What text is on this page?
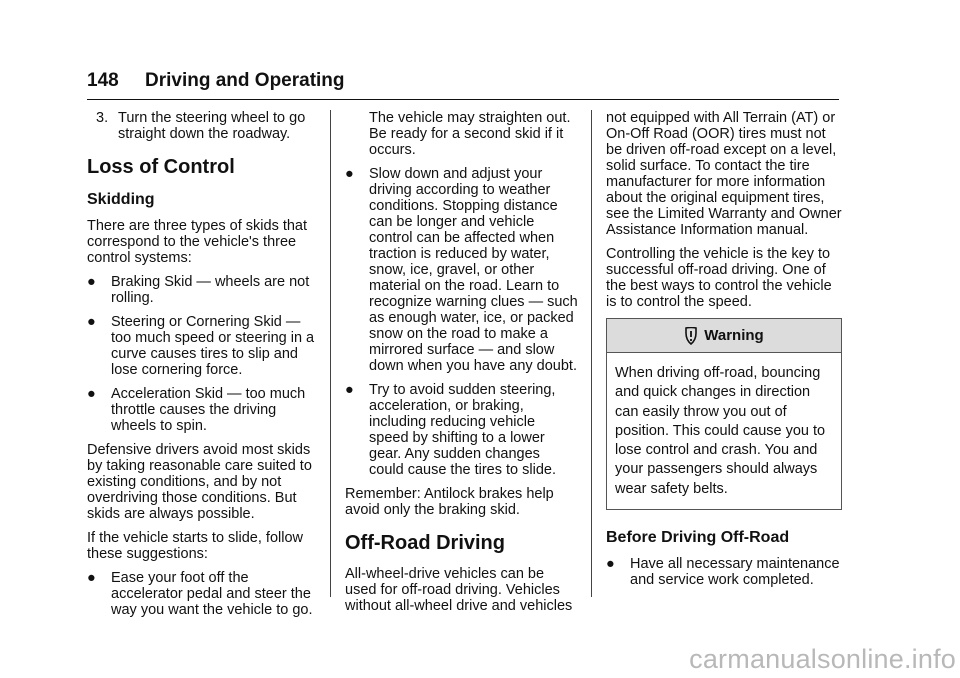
148 Driving and Operating
3. Turn the steering wheel to go straight down the roadway.
Loss of Control
Skidding

There are three types of skids that correspond to the vehicle's three control systems:

● Braking Skid — wheels are not rolling.
● Steering or Cornering Skid — too much speed or steering in a curve causes tires to slip and lose cornering force.
● Acceleration Skid — too much throttle causes the driving wheels to spin.

Defensive drivers avoid most skids by taking reasonable care suited to existing conditions, and by not overdriving those conditions. But skids are always possible.

If the vehicle starts to slide, follow these suggestions:

● Ease your foot off the accelerator pedal and steer the way you want the vehicle to go.

The vehicle may straighten out. Be ready for a second skid if it occurs.

● Slow down and adjust your driving according to weather conditions. Stopping distance can be longer and vehicle control can be affected when traction is reduced by water, snow, ice, gravel, or other material on the road. Learn to recognize warning clues — such as enough water, ice, or packed snow on the road to make a mirrored surface — and slow down when you have any doubt.
● Try to avoid sudden steering, acceleration, or braking, including reducing vehicle speed by shifting to a lower gear. Any sudden changes could cause the tires to slide.

Remember: Antilock brakes help avoid only the braking skid.

Off-Road Driving

All-wheel-drive vehicles can be used for off-road driving. Vehicles without all-wheel drive and vehicles

not equipped with All Terrain (AT) or On-Off Road (OOR) tires must not be driven off-road except on a level, solid surface. To contact the tire manufacturer for more information about the original equipment tires, see the Limited Warranty and Owner Assistance Information manual.

Controlling the vehicle is the key to successful off-road driving. One of the best ways to control the vehicle is to control the speed.

Warning
When driving off-road, bouncing and quick changes in direction can easily throw you out of position. This could cause you to lose control and crash. You and your passengers should always wear safety belts.
Before Driving Off-Road
● Have all necessary maintenance and service work completed.
carmanualsonline.info
